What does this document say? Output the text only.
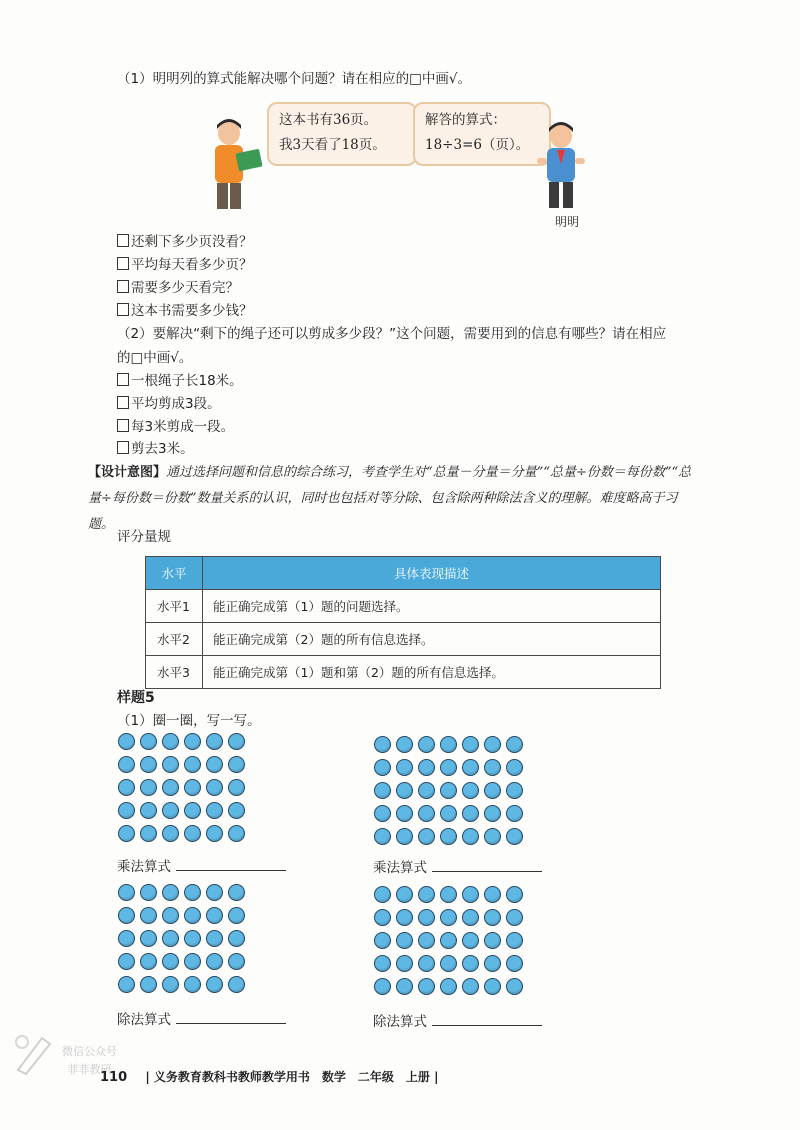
（1）明明列的算式能解决哪个问题？请在相应的□中画√。
这本书有36页。
我3天看了18页。
解答的算式：
18÷3=6（页）。
明明
还剩下多少页没看？
平均每天看多少页？
需要多少天看完？
这本书需要多少钱？
（2）要解决“剩下的绳子还可以剪成多少段？”这个问题，需要用到的信息有哪些？请在相应的□中画√。
一根绳子长18米。
平均剪成3段。
每3米剪成一段。
剪去3米。
【设计意图】通过选择问题和信息的综合练习，考查学生对“总量－分量＝分量”“总量÷份数＝每份数”“总量÷每份数＝份数”数量关系的认识，同时也包括对等分除、包含除两种除法含义的理解。难度略高于习题。
评分量规
水平	具体表现描述
水平1	能正确完成第（1）题的问题选择。
水平2	能正确完成第（2）题的所有信息选择。
水平3	能正确完成第（1）题和第（2）题的所有信息选择。
样题5
（1）圈一圈，写一写。
乘法算式	乘法算式
除法算式	除法算式
微信公众号
菲菲教研
110 | 义务教育教科书教师教学用书　数学　二年级　上册 |
